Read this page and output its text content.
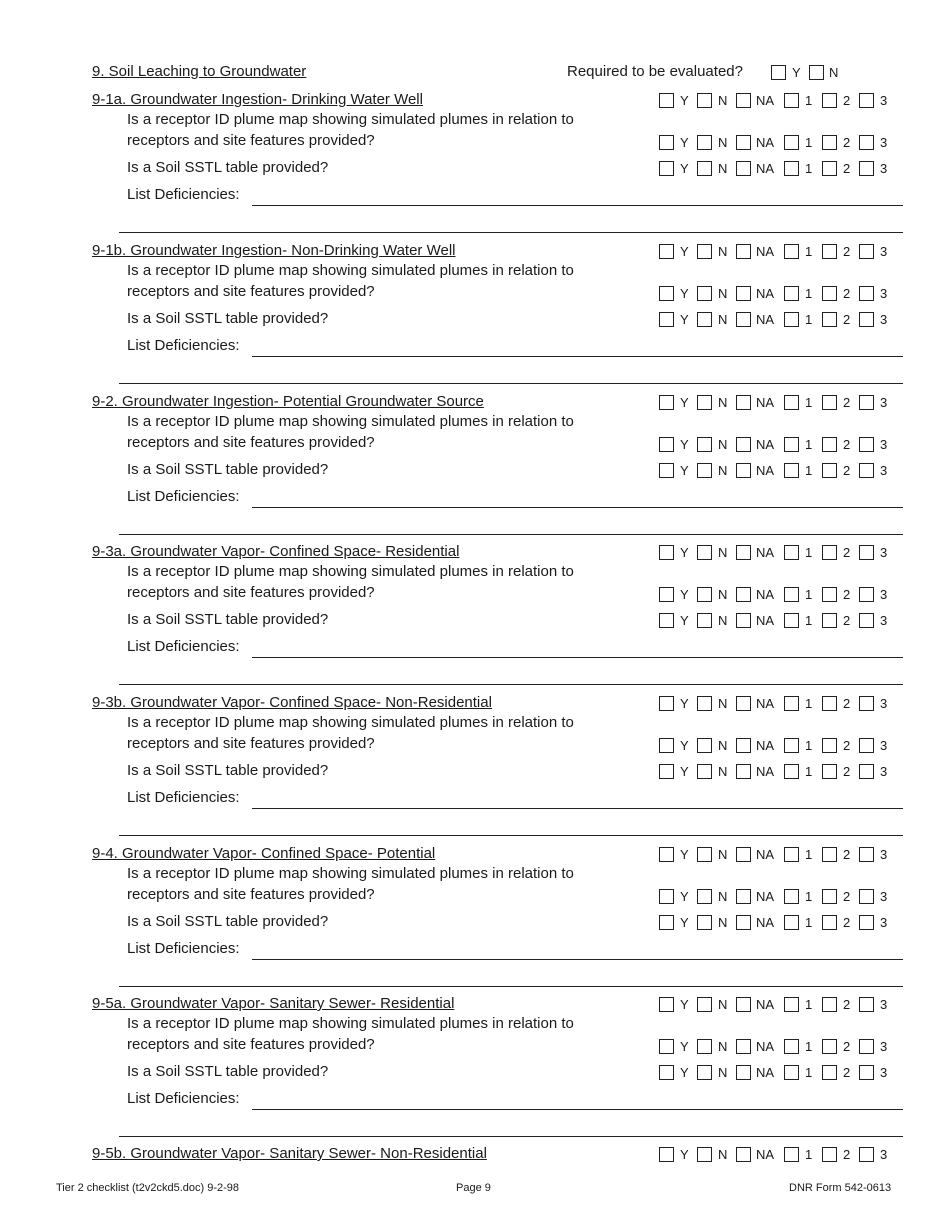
9. Soil Leaching to Groundwater	Required to be evaluated?	Y N
9-1a. Groundwater Ingestion- Drinking Water Well	Y N NA 1 2 3
Is a receptor ID plume map showing simulated plumes in relation to
receptors and site features provided?	Y N NA 1 2 3
Is a Soil SSTL table provided?	Y N NA 1 2 3
List Deficiencies:
9-1b. Groundwater Ingestion- Non-Drinking Water Well	Y N NA 1 2 3
Is a receptor ID plume map showing simulated plumes in relation to
receptors and site features provided?	Y N NA 1 2 3
Is a Soil SSTL table provided?	Y N NA 1 2 3
List Deficiencies:
9-2. Groundwater Ingestion- Potential Groundwater Source	Y N NA 1 2 3
Is a receptor ID plume map showing simulated plumes in relation to
receptors and site features provided?	Y N NA 1 2 3
Is a Soil SSTL table provided?	Y N NA 1 2 3
List Deficiencies:
9-3a. Groundwater Vapor- Confined Space- Residential	Y N NA 1 2 3
Is a receptor ID plume map showing simulated plumes in relation to
receptors and site features provided?	Y N NA 1 2 3
Is a Soil SSTL table provided?	Y N NA 1 2 3
List Deficiencies:
9-3b. Groundwater Vapor- Confined Space- Non-Residential	Y N NA 1 2 3
Is a receptor ID plume map showing simulated plumes in relation to
receptors and site features provided?	Y N NA 1 2 3
Is a Soil SSTL table provided?	Y N NA 1 2 3
List Deficiencies:
9-4. Groundwater Vapor- Confined Space- Potential	Y N NA 1 2 3
Is a receptor ID plume map showing simulated plumes in relation to
receptors and site features provided?	Y N NA 1 2 3
Is a Soil SSTL table provided?	Y N NA 1 2 3
List Deficiencies:
9-5a. Groundwater Vapor- Sanitary Sewer- Residential	Y N NA 1 2 3
Is a receptor ID plume map showing simulated plumes in relation to
receptors and site features provided?	Y N NA 1 2 3
Is a Soil SSTL table provided?	Y N NA 1 2 3
List Deficiencies:
9-5b. Groundwater Vapor- Sanitary Sewer- Non-Residential	Y N NA 1 2 3
Tier 2 checklist (t2v2ckd5.doc) 9-2-98	Page 9	DNR Form 542-0613
